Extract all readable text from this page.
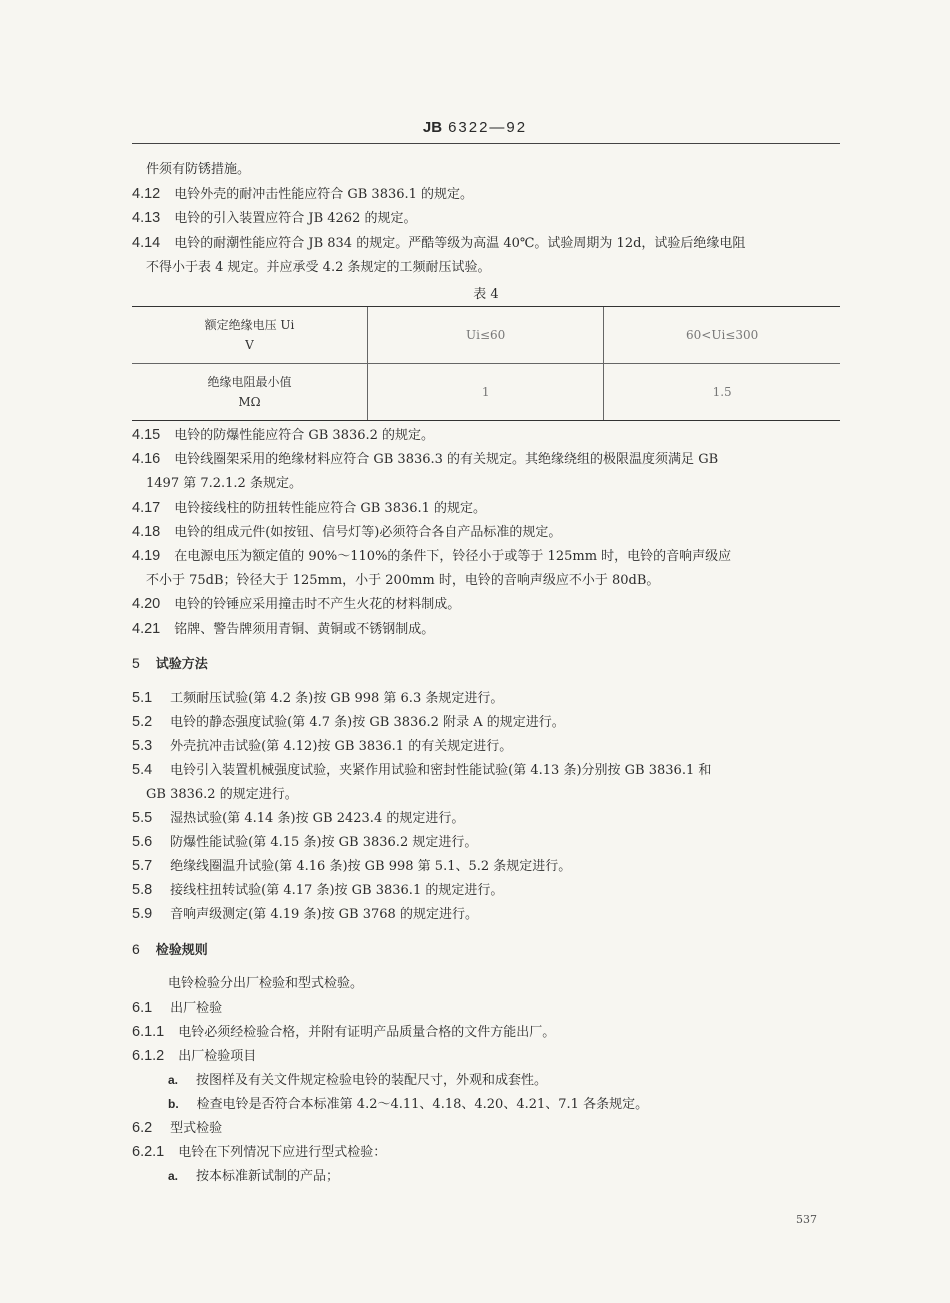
JB 6322—92
件须有防锈措施。
4.12 电铃外壳的耐冲击性能应符合 GB 3836.1 的规定。
4.13 电铃的引入装置应符合 JB 4262 的规定。
4.14 电铃的耐潮性能应符合 JB 834 的规定。严酷等级为高温 40℃。试验周期为 12d，试验后绝缘电阻
不得小于表 4 规定。并应承受 4.2 条规定的工频耐压试验。
表 4
额定绝缘电压 Ui
V	Ui≤60	60<Ui≤300

绝缘电阻最小值
MΩ	1	1.5
4.15 电铃的防爆性能应符合 GB 3836.2 的规定。
4.16 电铃线圈架采用的绝缘材料应符合 GB 3836.3 的有关规定。其绝缘绕组的极限温度须满足 GB
1497 第 7.2.1.2 条规定。
4.17 电铃接线柱的防扭转性能应符合 GB 3836.1 的规定。
4.18 电铃的组成元件(如按钮、信号灯等)必须符合各自产品标准的规定。
4.19 在电源电压为额定值的 90%～110%的条件下，铃径小于或等于 125mm 时，电铃的音响声级应
不小于 75dB；铃径大于 125mm，小于 200mm 时，电铃的音响声级应不小于 80dB。
4.20 电铃的铃锤应采用撞击时不产生火花的材料制成。
4.21 铭牌、警告牌须用青铜、黄铜或不锈钢制成。
5 试验方法
5.1 工频耐压试验(第 4.2 条)按 GB 998 第 6.3 条规定进行。
5.2 电铃的静态强度试验(第 4.7 条)按 GB 3836.2 附录 A 的规定进行。
5.3 外壳抗冲击试验(第 4.12)按 GB 3836.1 的有关规定进行。
5.4 电铃引入装置机械强度试验，夹紧作用试验和密封性能试验(第 4.13 条)分别按 GB 3836.1 和
GB 3836.2 的规定进行。
5.5 湿热试验(第 4.14 条)按 GB 2423.4 的规定进行。
5.6 防爆性能试验(第 4.15 条)按 GB 3836.2 规定进行。
5.7 绝缘线圈温升试验(第 4.16 条)按 GB 998 第 5.1、5.2 条规定进行。
5.8 接线柱扭转试验(第 4.17 条)按 GB 3836.1 的规定进行。
5.9 音响声级测定(第 4.19 条)按 GB 3768 的规定进行。
6 检验规则
电铃检验分出厂检验和型式检验。
6.1 出厂检验
6.1.1 电铃必须经检验合格，并附有证明产品质量合格的文件方能出厂。
6.1.2 出厂检验项目
a. 按图样及有关文件规定检验电铃的装配尺寸，外观和成套性。
b. 检查电铃是否符合本标准第 4.2～4.11、4.18、4.20、4.21、7.1 各条规定。
6.2 型式检验
6.2.1 电铃在下列情况下应进行型式检验：
a. 按本标准新试制的产品；
537
